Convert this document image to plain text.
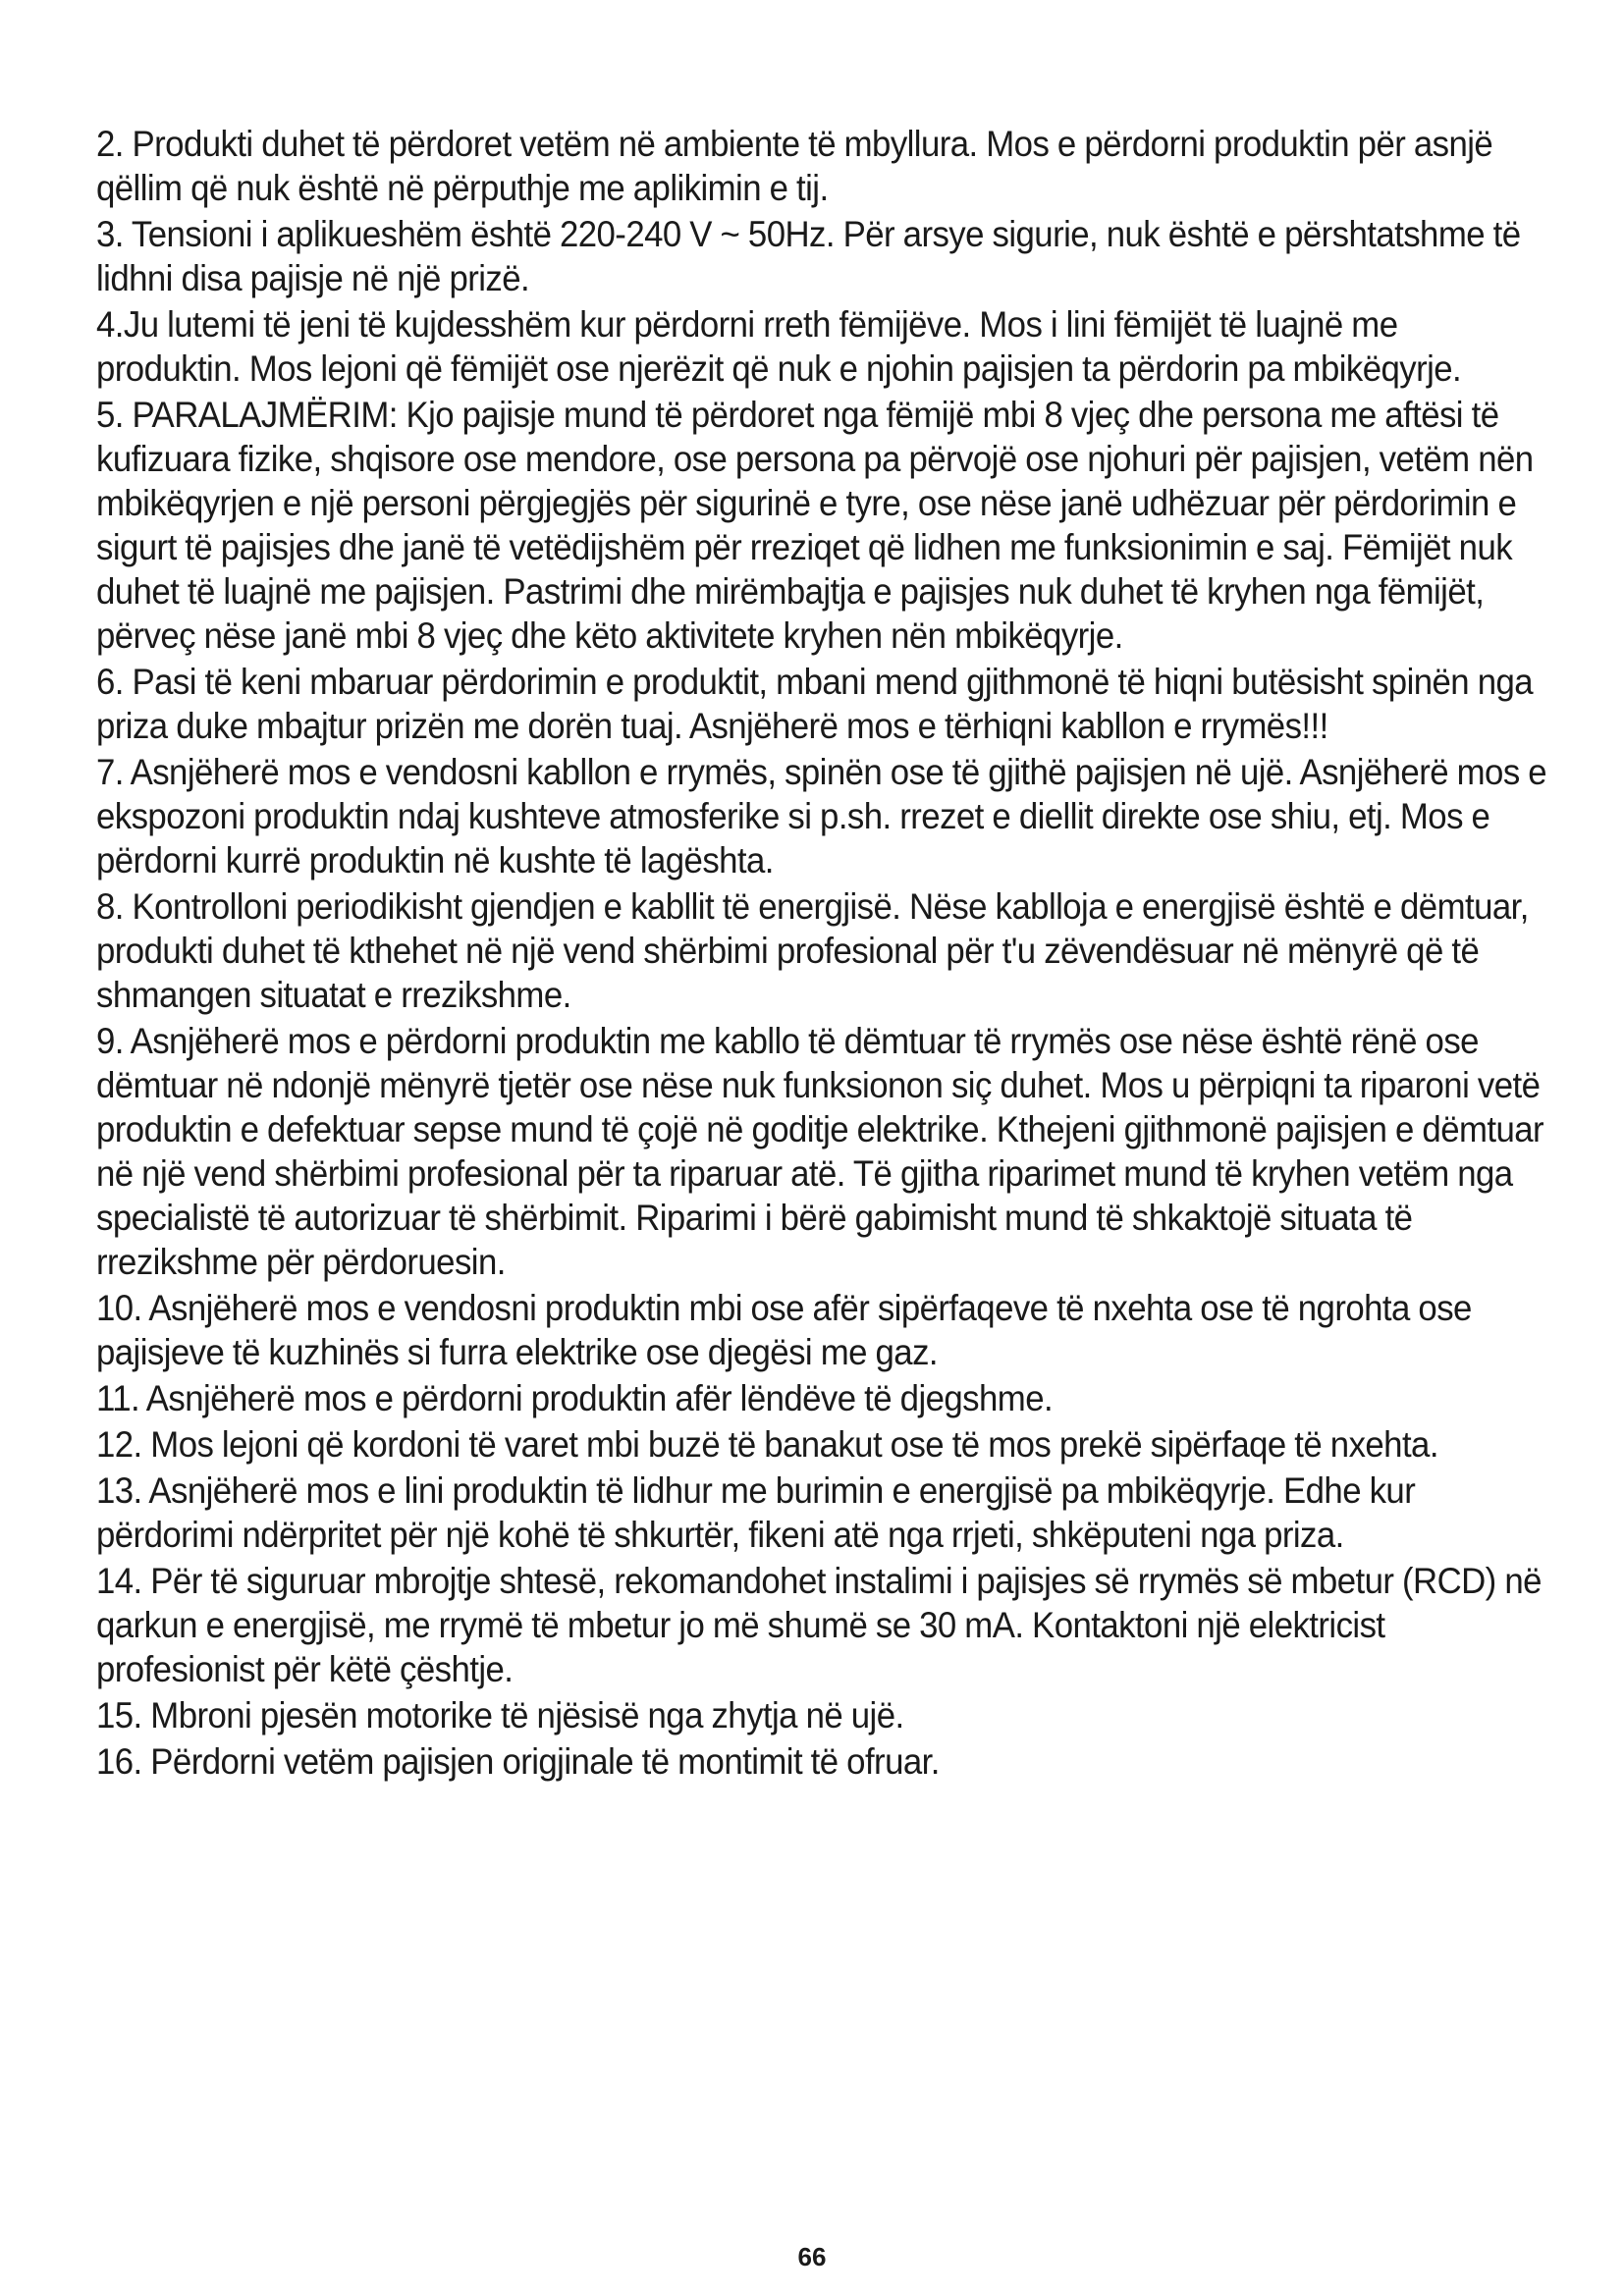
2. Produkti duhet të përdoret vetëm në ambiente të mbyllura. Mos e përdorni produktin për asnjë qëllim që nuk është në përputhje me aplikimin e tij.

3. Tensioni i aplikueshëm është 220-240 V ~ 50Hz. Për arsye sigurie, nuk është e përshtatshme të lidhni disa pajisje në një prizë.

4.Ju lutemi të jeni të kujdesshëm kur përdorni rreth fëmijëve. Mos i lini fëmijët të luajnë me produktin. Mos lejoni që fëmijët ose njerëzit që nuk e njohin pajisjen ta përdorin pa mbikëqyrje.

5. PARALAJMËRIM: Kjo pajisje mund të përdoret nga fëmijë mbi 8 vjeç dhe persona me aftësi të kufizuara fizike, shqisore ose mendore, ose persona pa përvojë ose njohuri për pajisjen, vetëm nën mbikëqyrjen e një personi përgjegjës për sigurinë e tyre, ose nëse janë udhëzuar për përdorimin e sigurt të pajisjes dhe janë të vetëdijshëm për rreziqet që lidhen me funksionimin e saj. Fëmijët nuk duhet të luajnë me pajisjen. Pastrimi dhe mirëmbajtja e pajisjes nuk duhet të kryhen nga fëmijët, përveç nëse janë mbi 8 vjeç dhe këto aktivitete kryhen nën mbikëqyrje.

6. Pasi të keni mbaruar përdorimin e produktit, mbani mend gjithmonë të hiqni butësisht spinën nga priza duke mbajtur prizën me dorën tuaj. Asnjëherë mos e tërhiqni kabllon e rrymës!!!

7. Asnjëherë mos e vendosni kabllon e rrymës, spinën ose të gjithë pajisjen në ujë. Asnjëherë mos e ekspozoni produktin ndaj kushteve atmosferike si p.sh. rrezet e diellit direkte ose shiu, etj. Mos e përdorni kurrë produktin në kushte të lagështa.

8. Kontrolloni periodikisht gjendjen e kabllit të energjisë. Nëse kablloja e energjisë është e dëmtuar, produkti duhet të kthehet në një vend shërbimi profesional për t'u zëvendësuar në mënyrë që të shmangen situatat e rrezikshme.

9. Asnjëherë mos e përdorni produktin me kabllo të dëmtuar të rrymës ose nëse është rënë ose dëmtuar në ndonjë mënyrë tjetër ose nëse nuk funksionon siç duhet. Mos u përpiqni ta riparoni vetë produktin e defektuar sepse mund të çojë në goditje elektrike. Kthejeni gjithmonë pajisjen e dëmtuar në një vend shërbimi profesional për ta riparuar atë. Të gjitha riparimet mund të kryhen vetëm nga specialistë të autorizuar të shërbimit. Riparimi i bërë gabimisht mund të shkaktojë situata të rrezikshme për përdoruesin.

10. Asnjëherë mos e vendosni produktin mbi ose afër sipërfaqeve të nxehta ose të ngrohta ose pajisjeve të kuzhinës si furra elektrike ose djegësi me gaz.

11. Asnjëherë mos e përdorni produktin afër lëndëve të djegshme.

12. Mos lejoni që kordoni të varet mbi buzë të banakut ose të mos prekë sipërfaqe të nxehta.

13. Asnjëherë mos e lini produktin të lidhur me burimin e energjisë pa mbikëqyrje. Edhe kur përdorimi ndërpritet për një kohë të shkurtër, fikeni atë nga rrjeti, shkëputeni nga priza.

14. Për të siguruar mbrojtje shtesë, rekomandohet instalimi i pajisjes së rrymës së mbetur (RCD) në qarkun e energjisë, me rrymë të mbetur jo më shumë se 30 mA. Kontaktoni një elektricist profesionist për këtë çështje.

15. Mbroni pjesën motorike të njësisë nga zhytja në ujë.

16. Përdorni vetëm pajisjen origjinale të montimit të ofruar.

66
